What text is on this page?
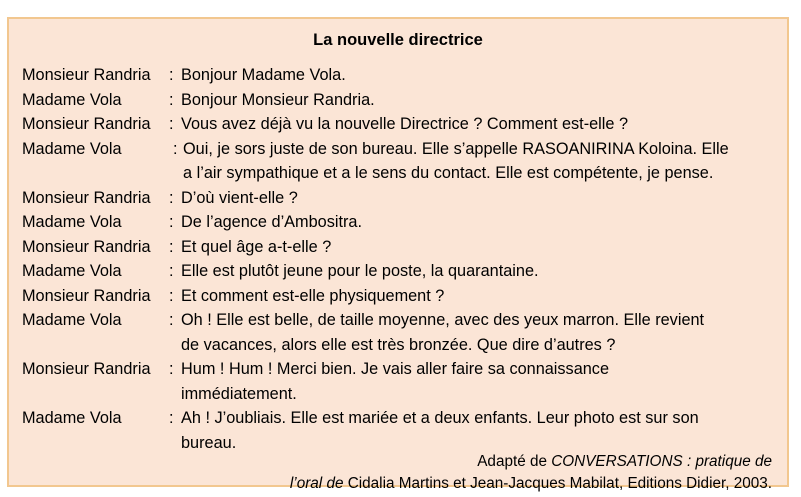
La nouvelle directrice
Monsieur Randria	: Bonjour Madame Vola.
Madame Vola	: Bonjour Monsieur Randria.
Monsieur Randria	: Vous avez déjà vu la nouvelle Directrice ? Comment est-elle ?
Madame Vola	: Oui, je sors juste de son bureau. Elle s’appelle RASOANIRINA Koloina. Elle
a l’air sympathique et a le sens du contact. Elle est compétente, je pense.
Monsieur Randria	: D’où vient-elle ?
Madame Vola	: De l’agence d’Ambositra.
Monsieur Randria	: Et quel âge a-t-elle ?
Madame Vola	: Elle est plutôt jeune pour le poste, la quarantaine.
Monsieur Randria	: Et comment est-elle physiquement ?
Madame Vola	: Oh ! Elle est belle, de taille moyenne, avec des yeux marron. Elle revient
de vacances, alors elle est très bronzée. Que dire d’autres ?
Monsieur Randria	: Hum ! Hum ! Merci bien. Je vais aller faire sa connaissance
immédiatement.
Madame Vola	: Ah ! J’oubliais. Elle est mariée et a deux enfants. Leur photo est sur son
bureau.
Adapté de CONVERSATIONS : pratique de
l’oral de Cidalia Martins et Jean-Jacques Mabilat, Editions Didier, 2003.
